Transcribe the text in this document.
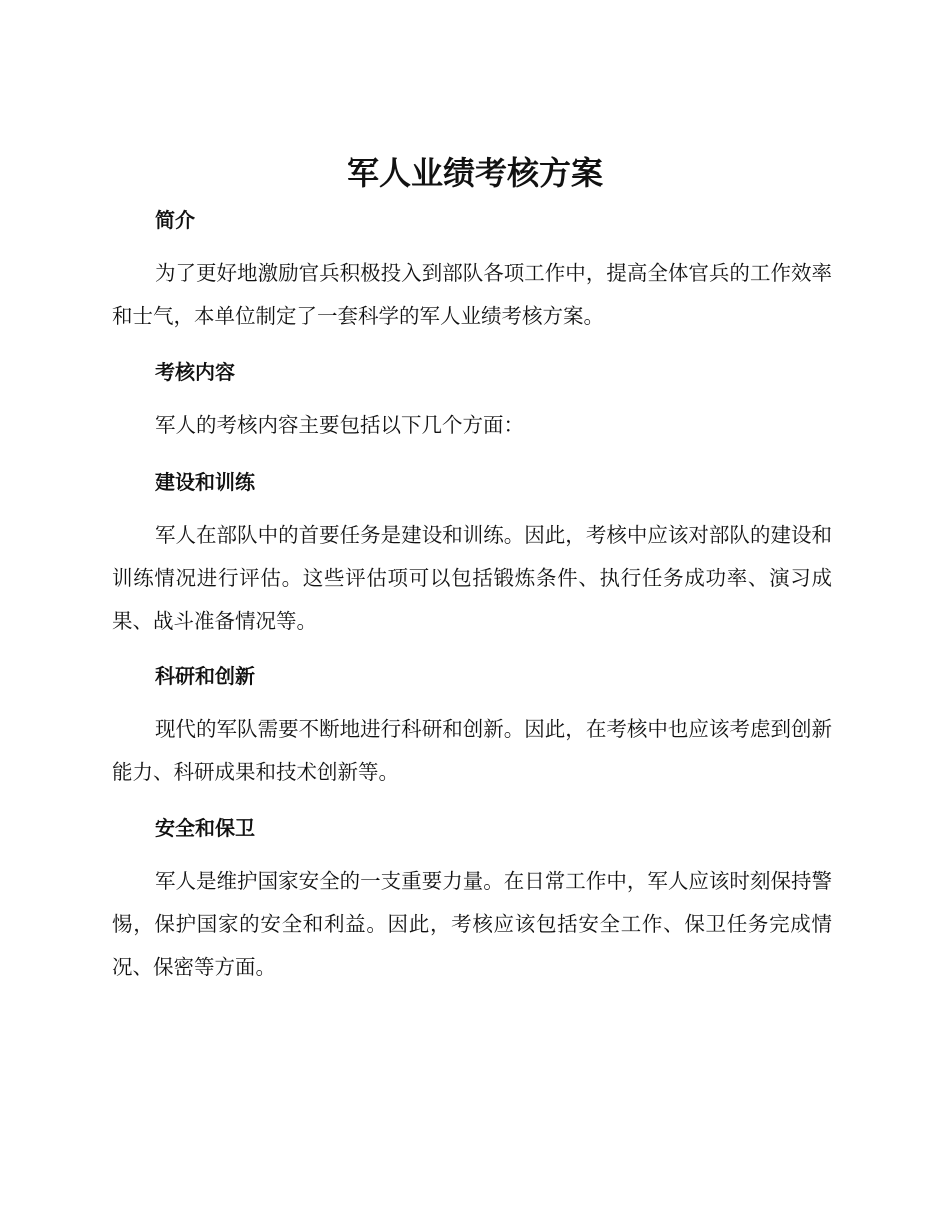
军人业绩考核方案
简介

为了更好地激励官兵积极投入到部队各项工作中，提高全体官兵的工作效率和士气，本单位制定了一套科学的军人业绩考核方案。

考核内容

军人的考核内容主要包括以下几个方面：

建设和训练

军人在部队中的首要任务是建设和训练。因此，考核中应该对部队的建设和训练情况进行评估。这些评估项可以包括锻炼条件、执行任务成功率、演习成果、战斗准备情况等。

科研和创新

现代的军队需要不断地进行科研和创新。因此，在考核中也应该考虑到创新能力、科研成果和技术创新等。

安全和保卫

军人是维护国家安全的一支重要力量。在日常工作中，军人应该时刻保持警惕，保护国家的安全和利益。因此，考核应该包括安全工作、保卫任务完成情况、保密等方面。
